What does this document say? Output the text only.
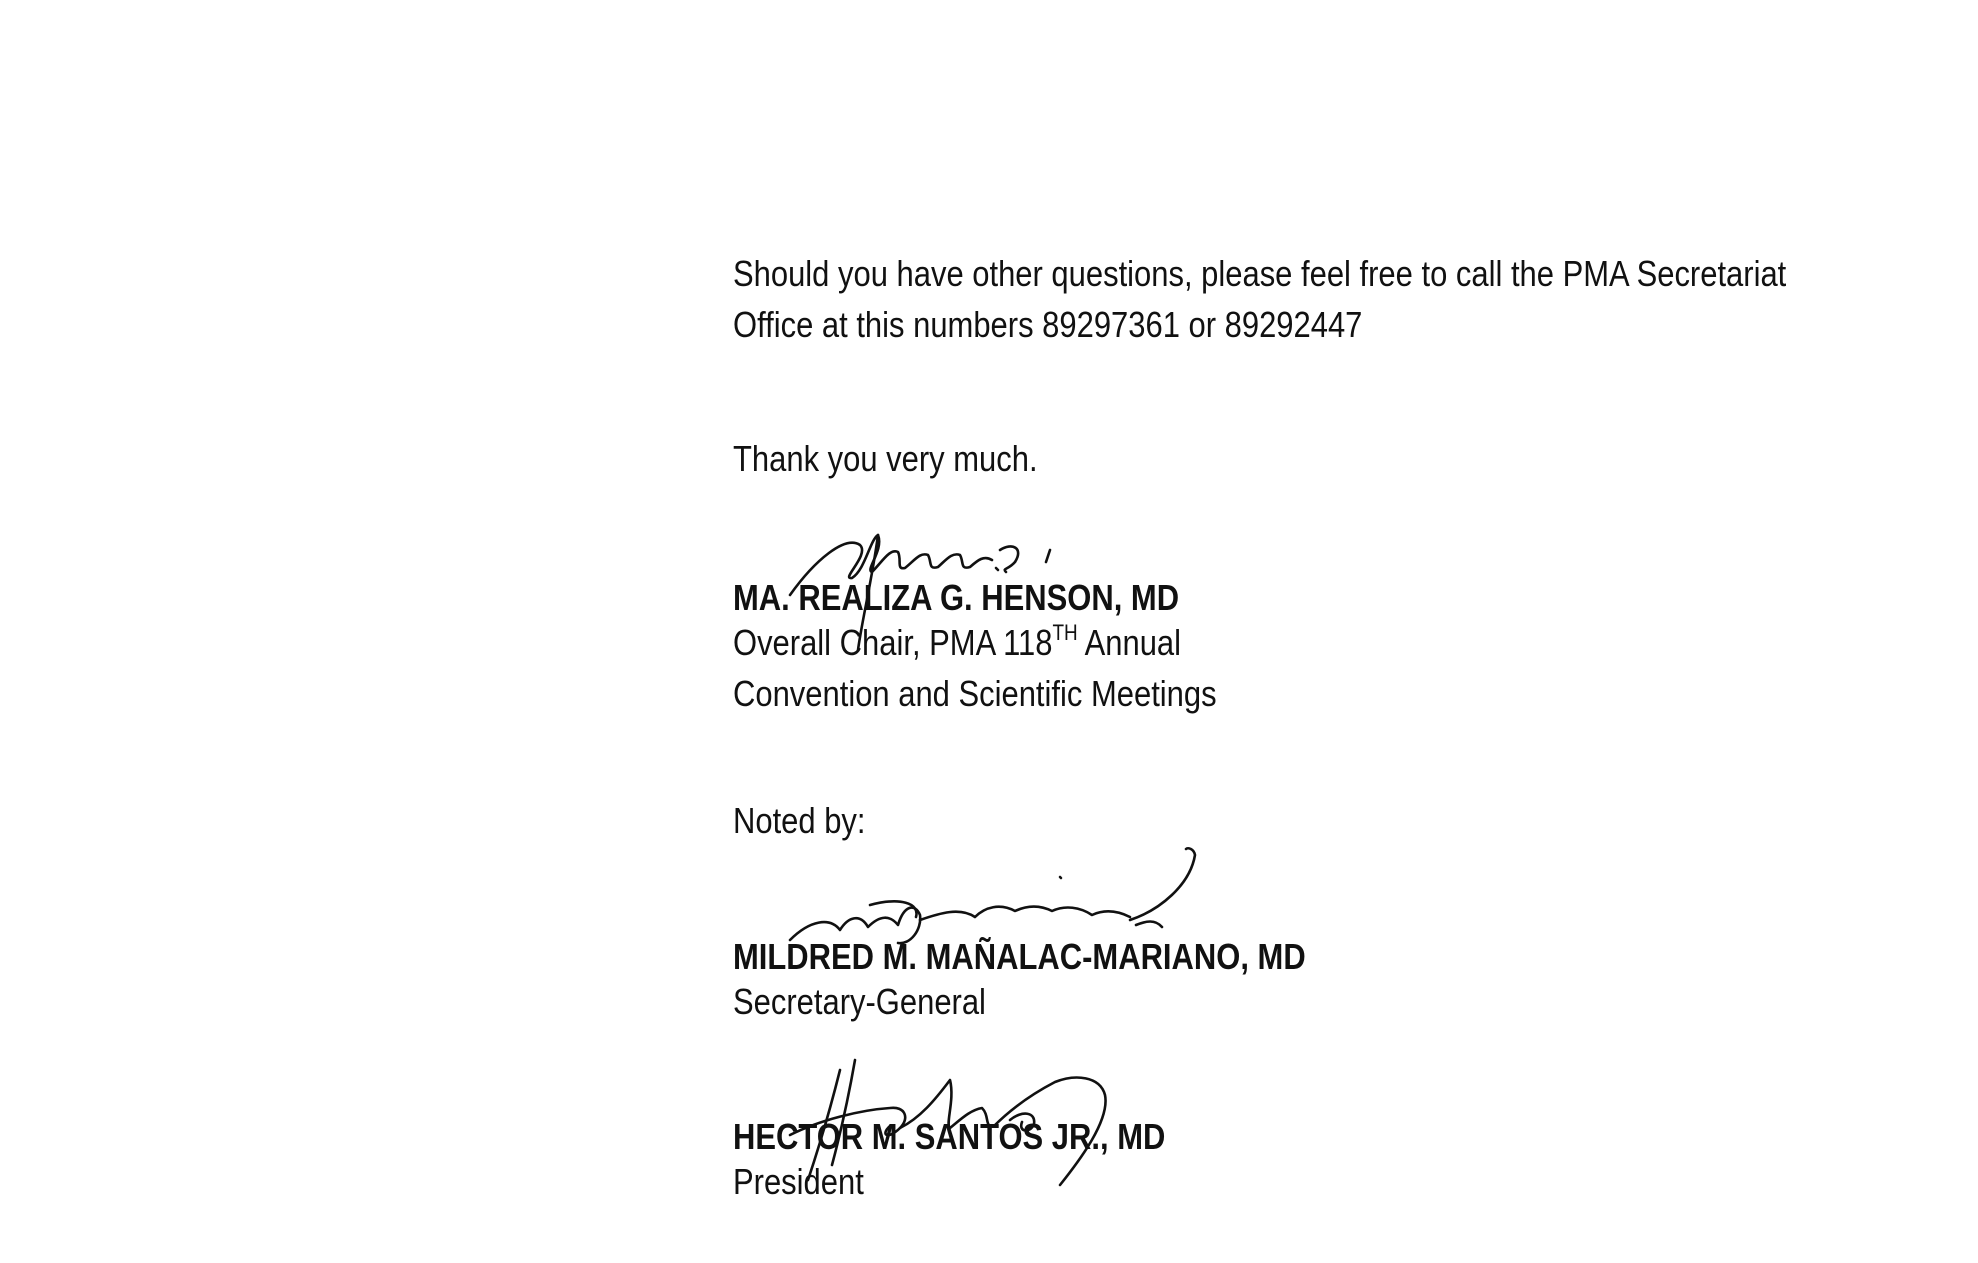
Should you have other questions, please feel free to call the PMA Secretariat
Office at this numbers 89297361 or 89292447

Thank you very much.

MA. REALIZA G. HENSON, MD

Overall Chair, PMA 118TH Annual
Convention and Scientific Meetings

Noted by:

MILDRED M. MAÑALAC-MARIANO, MD

Secretary-General

HECTOR M. SANTOS JR., MD

President
